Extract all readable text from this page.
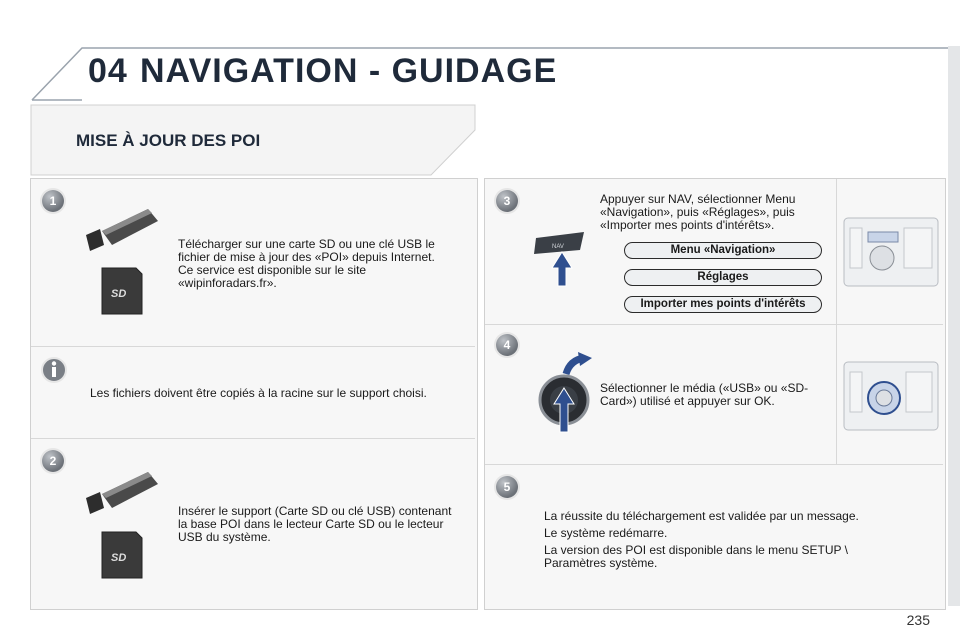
04 NAVIGATION - GUIDAGE
MISE À JOUR DES POI
1
SD
Télécharger sur une carte SD ou une clé USB le fichier de mise à jour des «POI» depuis Internet. Ce service est disponible sur le site «wipinforadars.fr».
Les fichiers doivent être copiés à la racine sur le support choisi.
2
SD
Insérer le support (Carte SD ou clé USB) contenant la base POI dans le lecteur Carte SD ou le lecteur USB du système.
3
NAV
Appuyer sur NAV, sélectionner Menu «Navigation», puis «Réglages», puis «Importer mes points d'intérêts».
Menu «Navigation»
Réglages
Importer mes points d'intérêts
4
Sélectionner le média («USB» ou «SD-Card») utilisé et appuyer sur OK.
5
La réussite du téléchargement est validée par un message.
Le système redémarre.
La version des POI est disponible dans le menu SETUP \ Paramètres système.
235
